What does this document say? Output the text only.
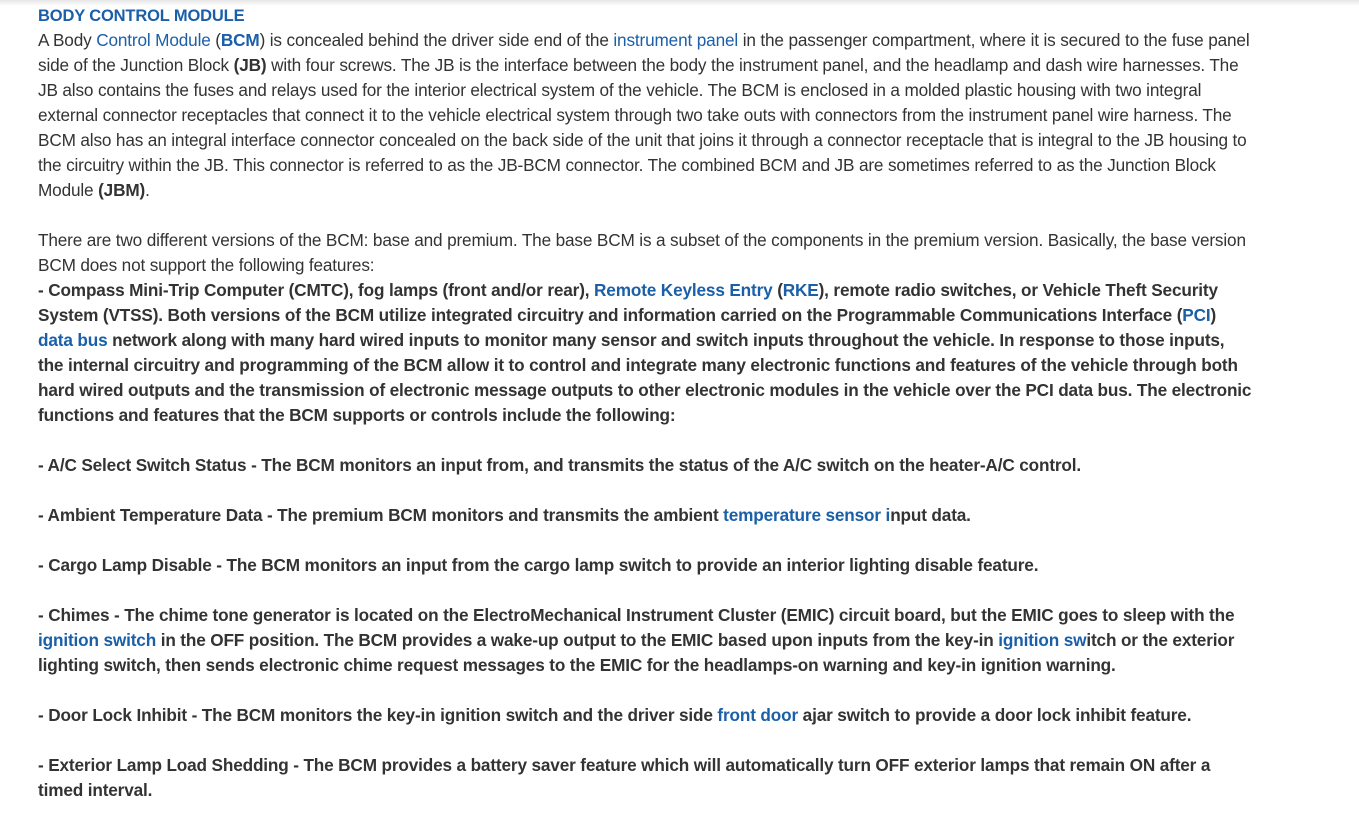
BODY CONTROL MODULE

A Body Control Module (BCM) is concealed behind the driver side end of the instrument panel in the passenger compartment, where it is secured to the fuse panel side of the Junction Block (JB) with four screws. The JB is the interface between the body the instrument panel, and the headlamp and dash wire harnesses. The JB also contains the fuses and relays used for the interior electrical system of the vehicle. The BCM is enclosed in a molded plastic housing with two integral external connector receptacles that connect it to the vehicle electrical system through two take outs with connectors from the instrument panel wire harness. The BCM also has an integral interface connector concealed on the back side of the unit that joins it through a connector receptacle that is integral to the JB housing to the circuitry within the JB. This connector is referred to as the JB-BCM connector. The combined BCM and JB are sometimes referred to as the Junction Block Module (JBM).

There are two different versions of the BCM: base and premium. The base BCM is a subset of the components in the premium version. Basically, the base version BCM does not support the following features:

- Compass Mini-Trip Computer (CMTC), fog lamps (front and/or rear), Remote Keyless Entry (RKE), remote radio switches, or Vehicle Theft Security System (VTSS). Both versions of the BCM utilize integrated circuitry and information carried on the Programmable Communications Interface (PCI) data bus network along with many hard wired inputs to monitor many sensor and switch inputs throughout the vehicle. In response to those inputs, the internal circuitry and programming of the BCM allow it to control and integrate many electronic functions and features of the vehicle through both hard wired outputs and the transmission of electronic message outputs to other electronic modules in the vehicle over the PCI data bus. The electronic functions and features that the BCM supports or controls include the following:

- A/C Select Switch Status - The BCM monitors an input from, and transmits the status of the A/C switch on the heater-A/C control.

- Ambient Temperature Data - The premium BCM monitors and transmits the ambient temperature sensor input data.

- Cargo Lamp Disable - The BCM monitors an input from the cargo lamp switch to provide an interior lighting disable feature.

- Chimes - The chime tone generator is located on the ElectroMechanical Instrument Cluster (EMIC) circuit board, but the EMIC goes to sleep with the ignition switch in the OFF position. The BCM provides a wake-up output to the EMIC based upon inputs from the key-in ignition switch or the exterior lighting switch, then sends electronic chime request messages to the EMIC for the headlamps-on warning and key-in ignition warning.

- Door Lock Inhibit - The BCM monitors the key-in ignition switch and the driver side front door ajar switch to provide a door lock inhibit feature.

- Exterior Lamp Load Shedding - The BCM provides a battery saver feature which will automatically turn OFF exterior lamps that remain ON after a timed interval.
